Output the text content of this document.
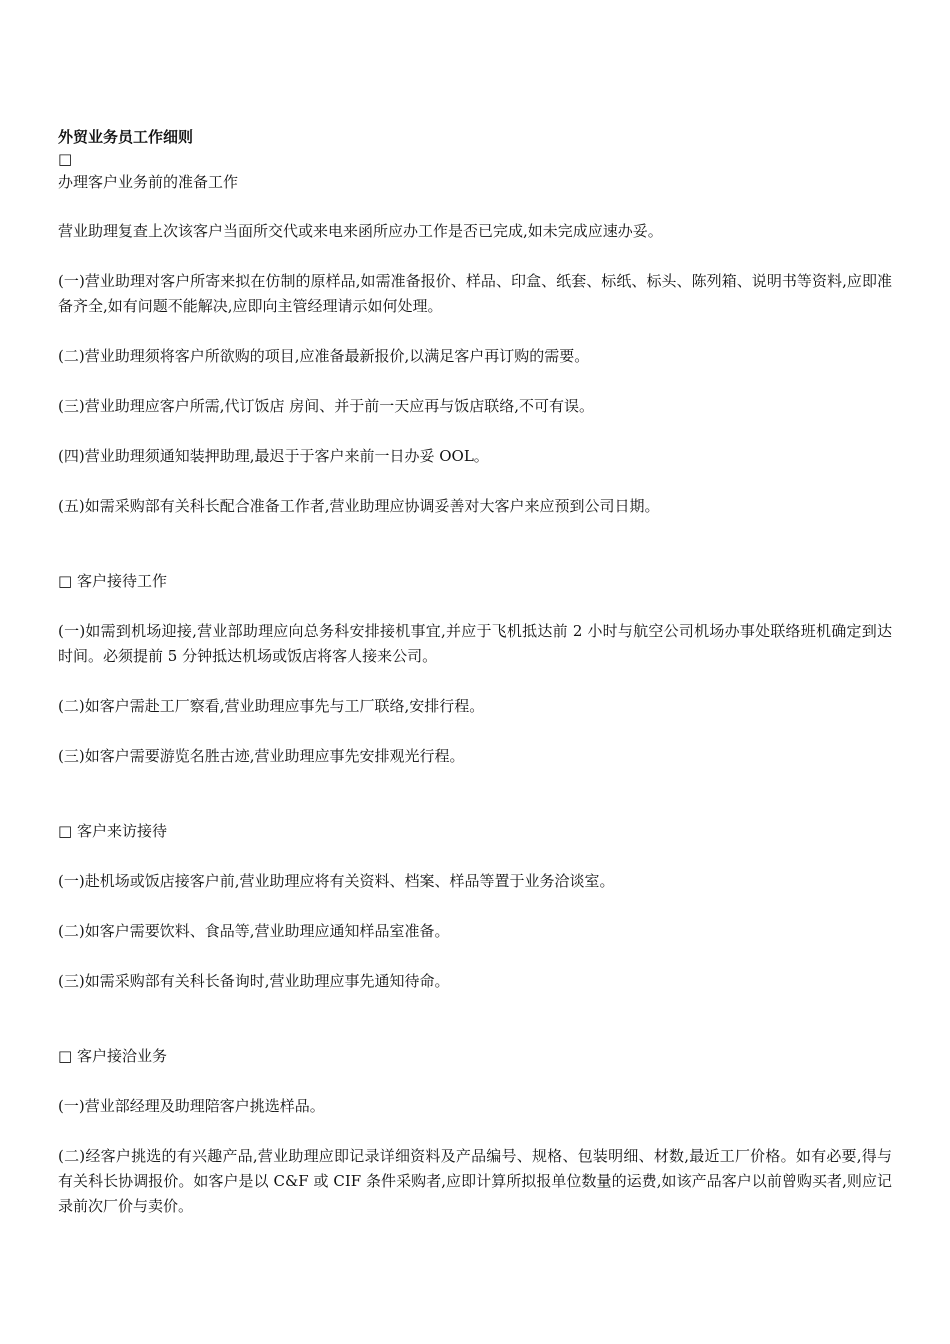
外贸业务员工作细则
□
办理客户业务前的准备工作

营业助理复查上次该客户当面所交代或来电来函所应办工作是否已完成,如未完成应速办妥。

(一)营业助理对客户所寄来拟在仿制的原样品,如需准备报价、样品、印盒、纸套、标纸、标头、陈列箱、说明书等资料,应即准备齐全,如有问题不能解决,应即向主管经理请示如何处理。

(二)营业助理须将客户所欲购的项目,应准备最新报价,以满足客户再订购的需要。

(三)营业助理应客户所需,代订饭店 房间、并于前一天应再与饭店联络,不可有误。

(四)营业助理须通知装押助理,最迟于于客户来前一日办妥 OOL。

(五)如需采购部有关科长配合准备工作者,营业助理应协调妥善对大客户来应预到公司日期。

□ 客户接待工作

(一)如需到机场迎接,营业部助理应向总务科安排接机事宜,并应于飞机抵达前 2 小时与航空公司机场办事处联络班机确定到达时间。必须提前 5 分钟抵达机场或饭店将客人接来公司。

(二)如客户需赴工厂察看,营业助理应事先与工厂联络,安排行程。

(三)如客户需要游览名胜古迹,营业助理应事先安排观光行程。

□ 客户来访接待

(一)赴机场或饭店接客户前,营业助理应将有关资料、档案、样品等置于业务洽谈室。

(二)如客户需要饮料、食品等,营业助理应通知样品室准备。

(三)如需采购部有关科长备询时,营业助理应事先通知待命。

□ 客户接洽业务

(一)营业部经理及助理陪客户挑选样品。

(二)经客户挑选的有兴趣产品,营业助理应即记录详细资料及产品编号、规格、包装明细、材数,最近工厂价格。如有必要,得与有关科长协调报价。如客户是以 C&F 或 CIF 条件采购者,应即计算所拟报单位数量的运费,如该产品客户以前曾购买者,则应记录前次厂价与卖价。
